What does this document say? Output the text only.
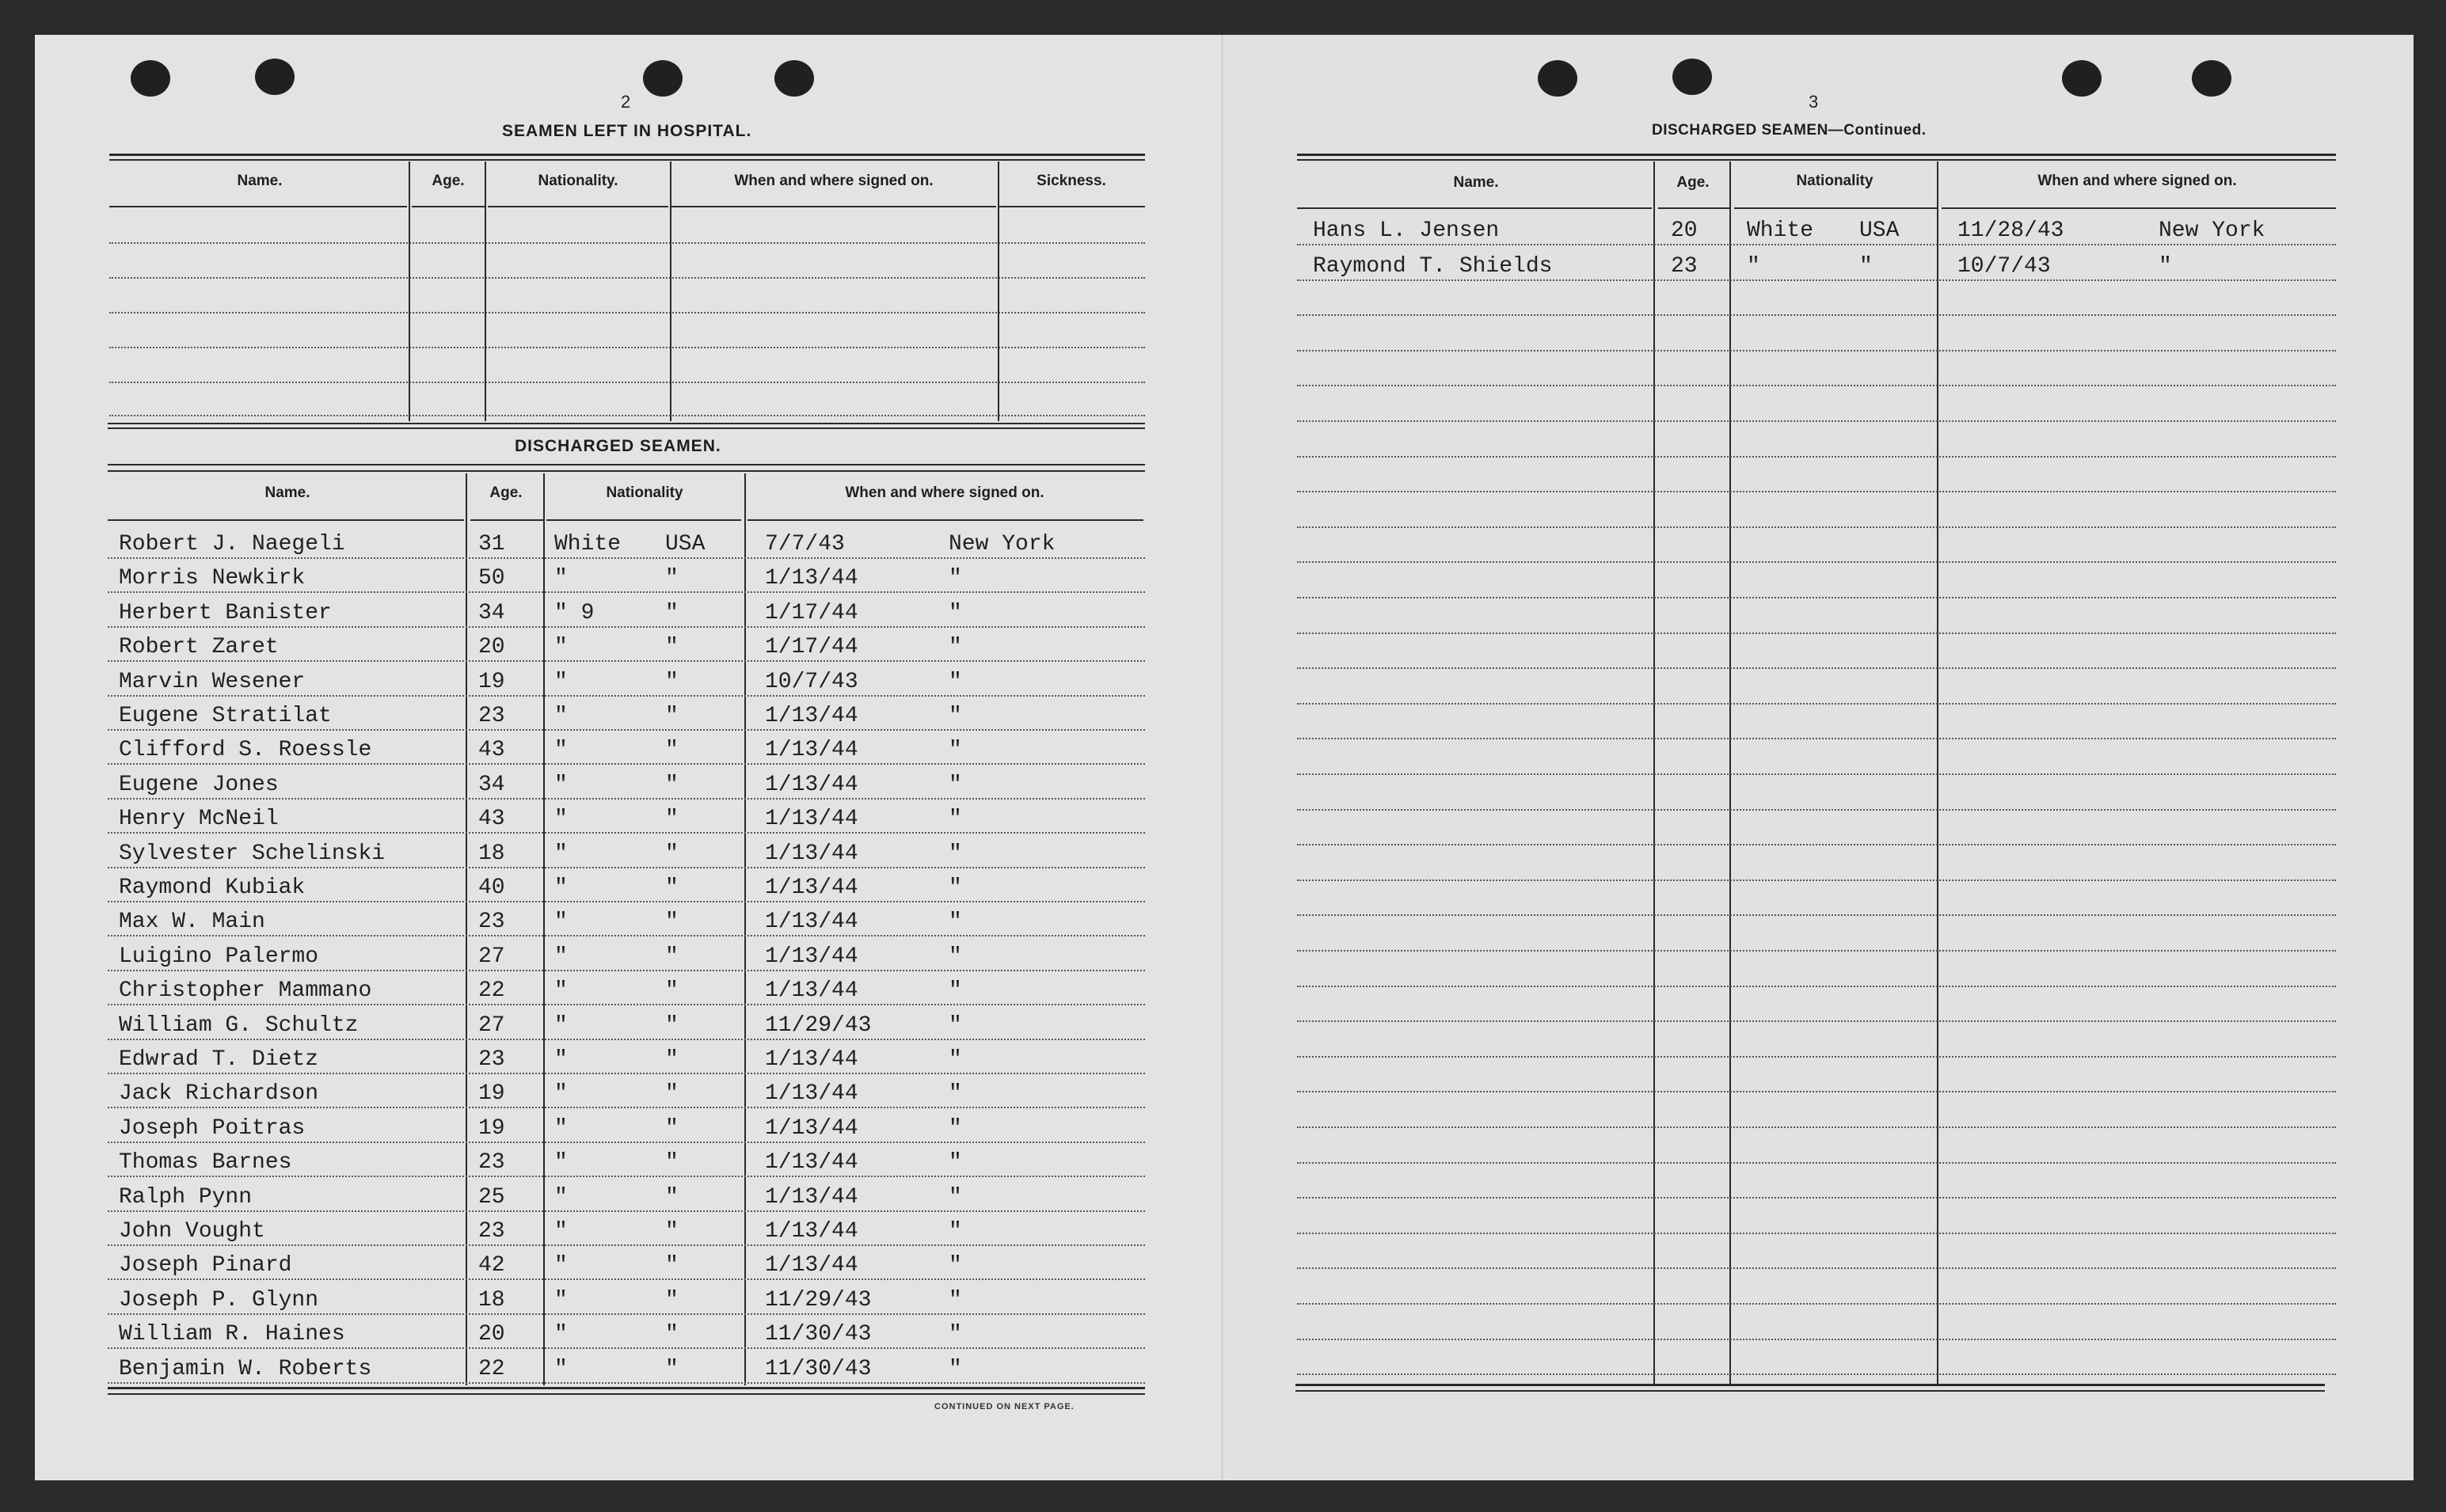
2
SEAMEN LEFT IN HOSPITAL.
Name.	Age.	Nationality.	When and where signed on.	Sickness.
DISCHARGED SEAMEN.
Name.	Age.	Nationality	When and where signed on.
Robert J. Naegeli	31 White USA	7/7/43	New York
Morris Newkirk	50 "	"	1/13/44	"
Herbert Banister	34 " 9	"	1/17/44	"
Robert Zaret	20 "	"	1/17/44	"
Marvin Wesener	19 "	"	10/7/43	"
Eugene Stratilat	23 "	"	1/13/44	"
Clifford S. Roessle	43 "	"	1/13/44	"
Eugene Jones	34 "	"	1/13/44	"
Henry McNeil	43 "	"	1/13/44	"
Sylvester Schelinski	18 "	"	1/13/44	"
Raymond Kubiak	40 "	"	1/13/44	"
Max W. Main	23 "	"	1/13/44	"
Luigino Palermo	27 "	"	1/13/44	"
Christopher Mammano	22 "	"	1/13/44	"
William G. Schultz	27 "	"	11/29/43	"
Edwrad T. Dietz	23 "	"	1/13/44	"
Jack Richardson	19 "	"	1/13/44	"
Joseph Poitras	19 "	"	1/13/44	"
Thomas Barnes	23 "	"	1/13/44	"
Ralph Pynn	25 "	"	1/13/44	"
John Vought	23 "	"	1/13/44	"
Joseph Pinard	42 "	"	1/13/44	"
Joseph P. Glynn	18 "	"	11/29/43	"
William R. Haines	20 "	"	11/30/43	"
Benjamin W. Roberts	22 "	"	11/30/43	"
CONTINUED ON NEXT PAGE.
3
DISCHARGED SEAMEN—Continued.
Name.	Age.	Nationality	When and where signed on.
Hans L. Jensen	20 White USA	11/28/43	New York
Raymond T. Shields	23 "	"	10/7/43	"
